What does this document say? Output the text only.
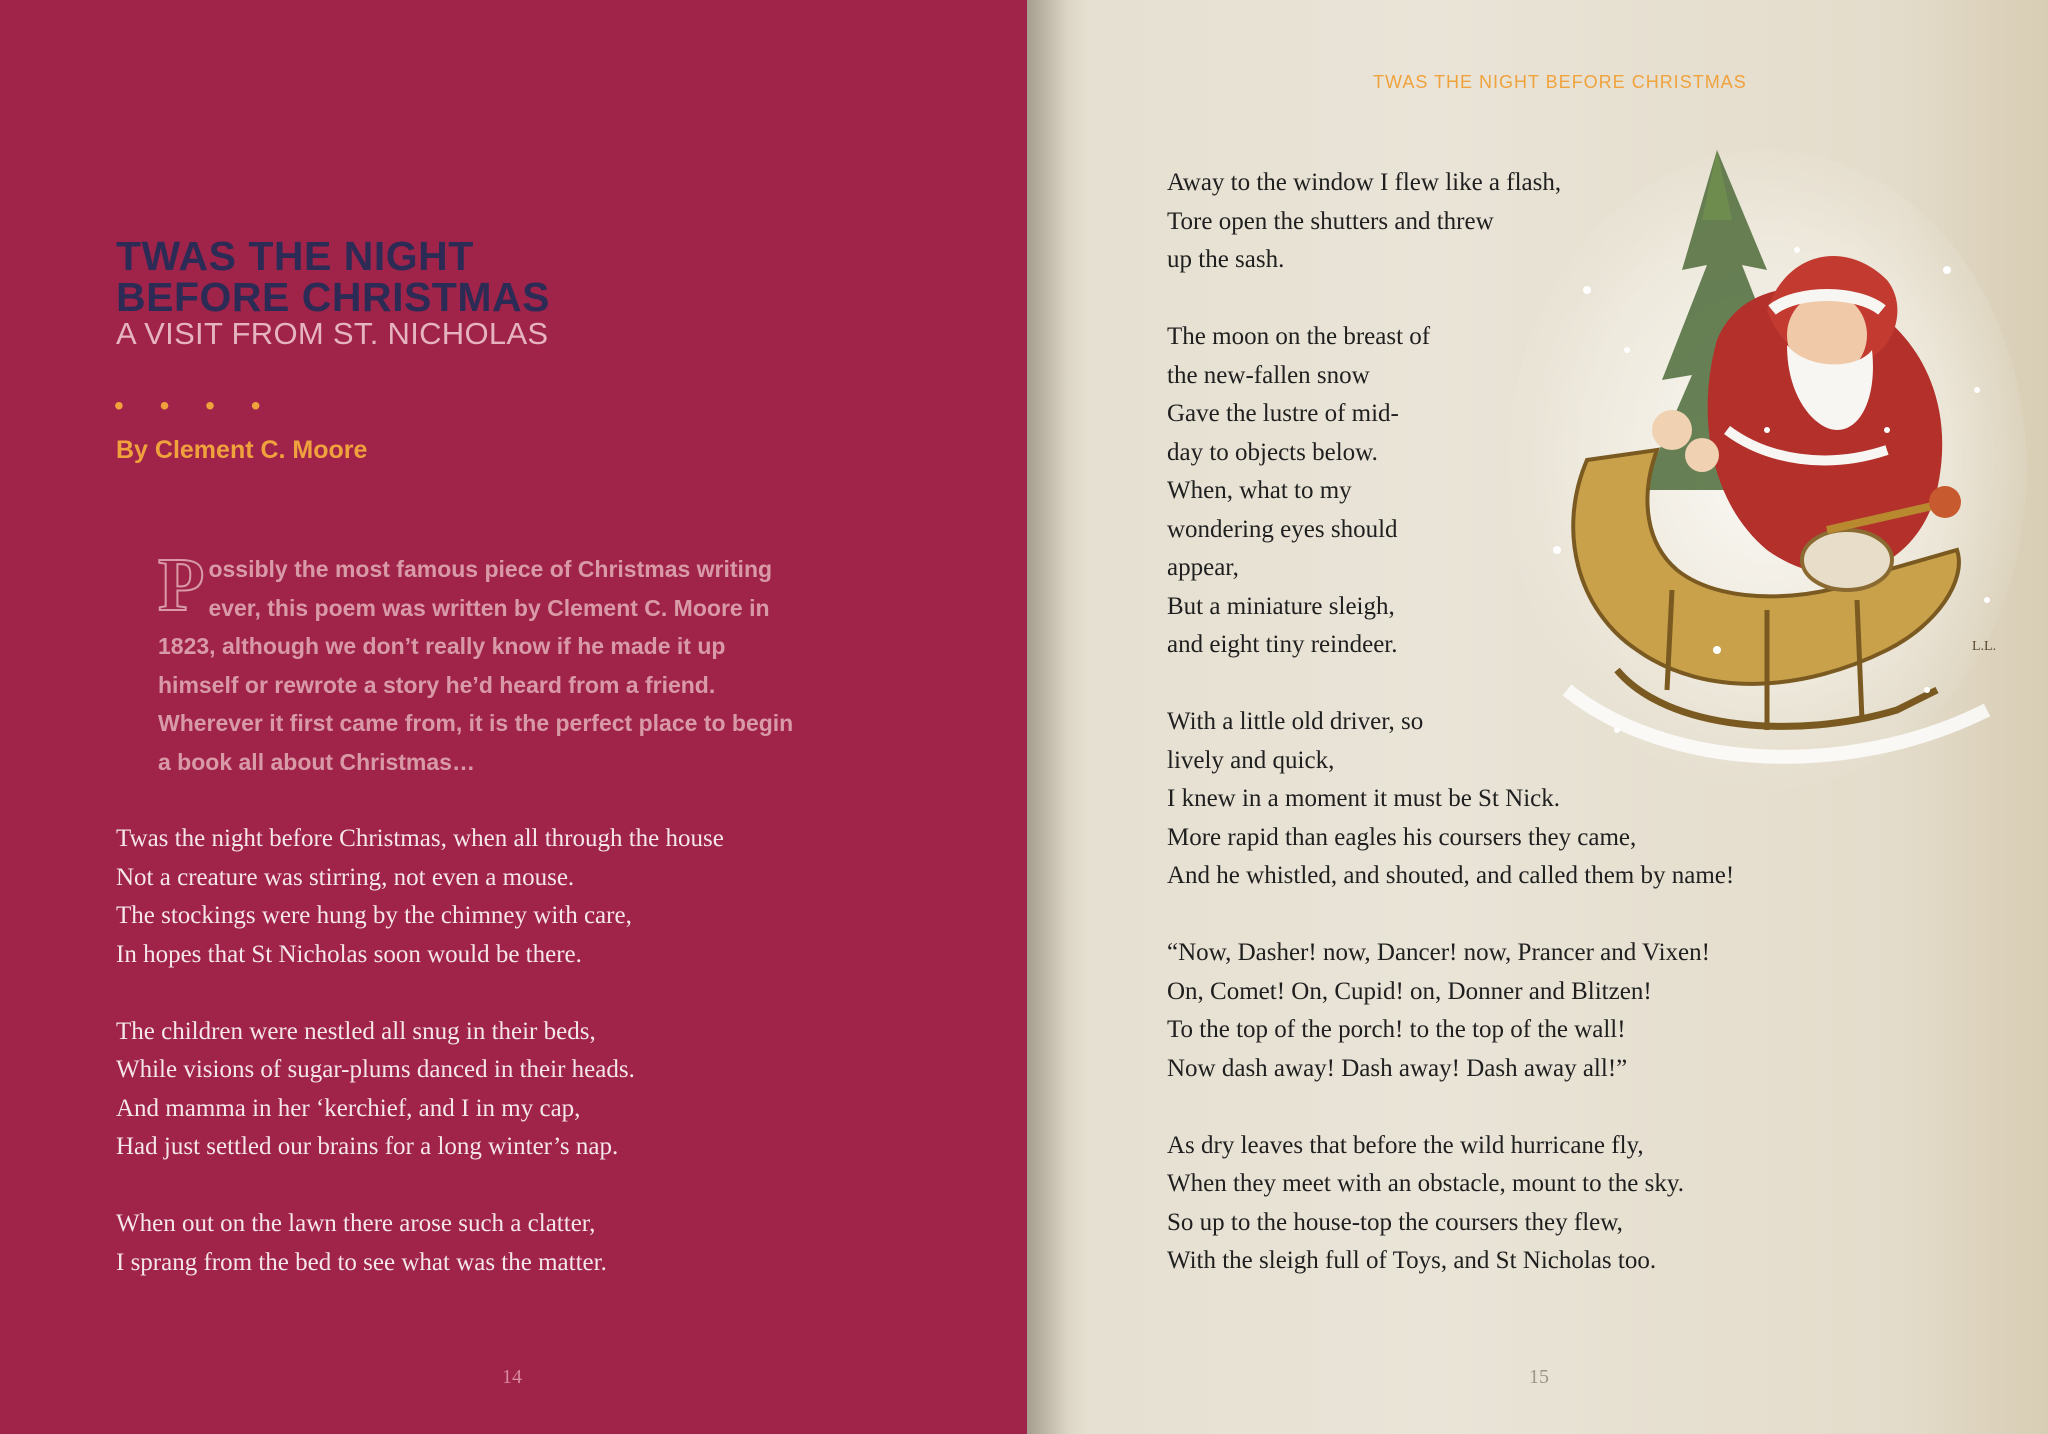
TWAS THE NIGHT
BEFORE CHRISTMAS
A VISIT FROM ST. NICHOLAS
• • • •
By Clement C. Moore
Possibly the most famous piece of Christmas writing ever, this poem was written by Clement C. Moore in 1823, although we don’t really know if he made it up himself or rewrote a story he’d heard from a friend. Wherever it first came from, it is the perfect place to begin a book all about Christmas…
Twas the night before Christmas, when all through the house
Not a creature was stirring, not even a mouse.
The stockings were hung by the chimney with care,
In hopes that St Nicholas soon would be there.
The children were nestled all snug in their beds,
While visions of sugar-plums danced in their heads.
And mamma in her ‘kerchief, and I in my cap,
Had just settled our brains for a long winter’s nap.
When out on the lawn there arose such a clatter,
I sprang from the bed to see what was the matter.
14
TWAS THE NIGHT BEFORE CHRISTMAS
L.L.
Away to the window I flew like a flash,
Tore open the shutters and threw
up the sash.
The moon on the breast of
the new-fallen snow
Gave the lustre of mid-
day to objects below.
When, what to my
wondering eyes should
appear,
But a miniature sleigh,
and eight tiny reindeer.
With a little old driver, so
lively and quick,
I knew in a moment it must be St Nick.
More rapid than eagles his coursers they came,
And he whistled, and shouted, and called them by name!
“Now, Dasher! now, Dancer! now, Prancer and Vixen!
On, Comet! On, Cupid! on, Donner and Blitzen!
To the top of the porch! to the top of the wall!
Now dash away! Dash away! Dash away all!”
As dry leaves that before the wild hurricane fly,
When they meet with an obstacle, mount to the sky.
So up to the house-top the coursers they flew,
With the sleigh full of Toys, and St Nicholas too.
15
